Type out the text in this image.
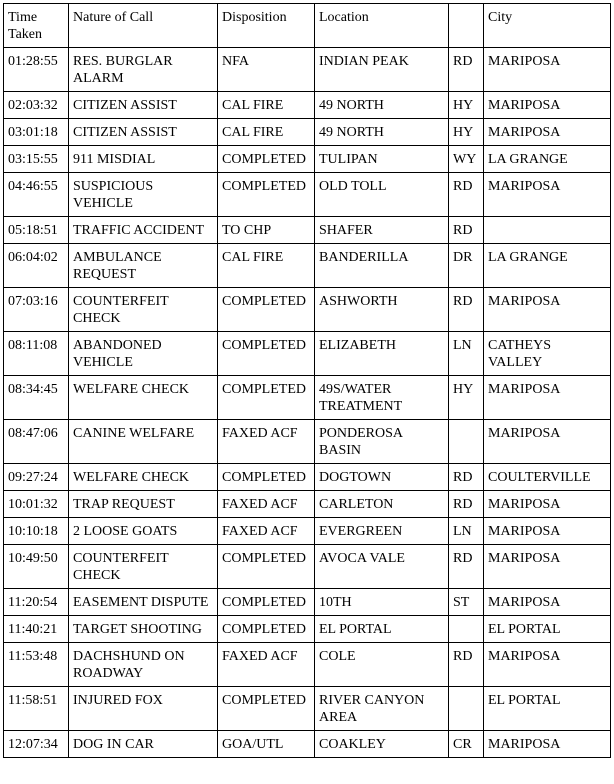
Time Taken	Nature of Call	Disposition	Location		City
01:28:55	RES. BURGLAR ALARM	NFA	INDIAN PEAK	RD	MARIPOSA
02:03:32	CITIZEN ASSIST	CAL FIRE	49 NORTH	HY	MARIPOSA
03:01:18	CITIZEN ASSIST	CAL FIRE	49 NORTH	HY	MARIPOSA
03:15:55	911 MISDIAL	COMPLETED	TULIPAN	WY	LA GRANGE
04:46:55	SUSPICIOUS VEHICLE	COMPLETED	OLD TOLL	RD	MARIPOSA
05:18:51	TRAFFIC ACCIDENT	TO CHP	SHAFER	RD	
06:04:02	AMBULANCE REQUEST	CAL FIRE	BANDERILLA	DR	LA GRANGE
07:03:16	COUNTERFEIT CHECK	COMPLETED	ASHWORTH	RD	MARIPOSA
08:11:08	ABANDONED VEHICLE	COMPLETED	ELIZABETH	LN	CATHEYS VALLEY
08:34:45	WELFARE CHECK	COMPLETED	49S/WATER TREATMENT	HY	MARIPOSA
08:47:06	CANINE WELFARE	FAXED ACF	PONDEROSA BASIN		MARIPOSA
09:27:24	WELFARE CHECK	COMPLETED	DOGTOWN	RD	COULTERVILLE
10:01:32	TRAP REQUEST	FAXED ACF	CARLETON	RD	MARIPOSA
10:10:18	2 LOOSE GOATS	FAXED ACF	EVERGREEN	LN	MARIPOSA
10:49:50	COUNTERFEIT CHECK	COMPLETED	AVOCA VALE	RD	MARIPOSA
11:20:54	EASEMENT DISPUTE	COMPLETED	10TH	ST	MARIPOSA
11:40:21	TARGET SHOOTING	COMPLETED	EL PORTAL		EL PORTAL
11:53:48	DACHSHUND ON ROADWAY	FAXED ACF	COLE	RD	MARIPOSA
11:58:51	INJURED FOX	COMPLETED	RIVER CANYON AREA		EL PORTAL
12:07:34	DOG IN CAR	GOA/UTL	COAKLEY	CR	MARIPOSA
